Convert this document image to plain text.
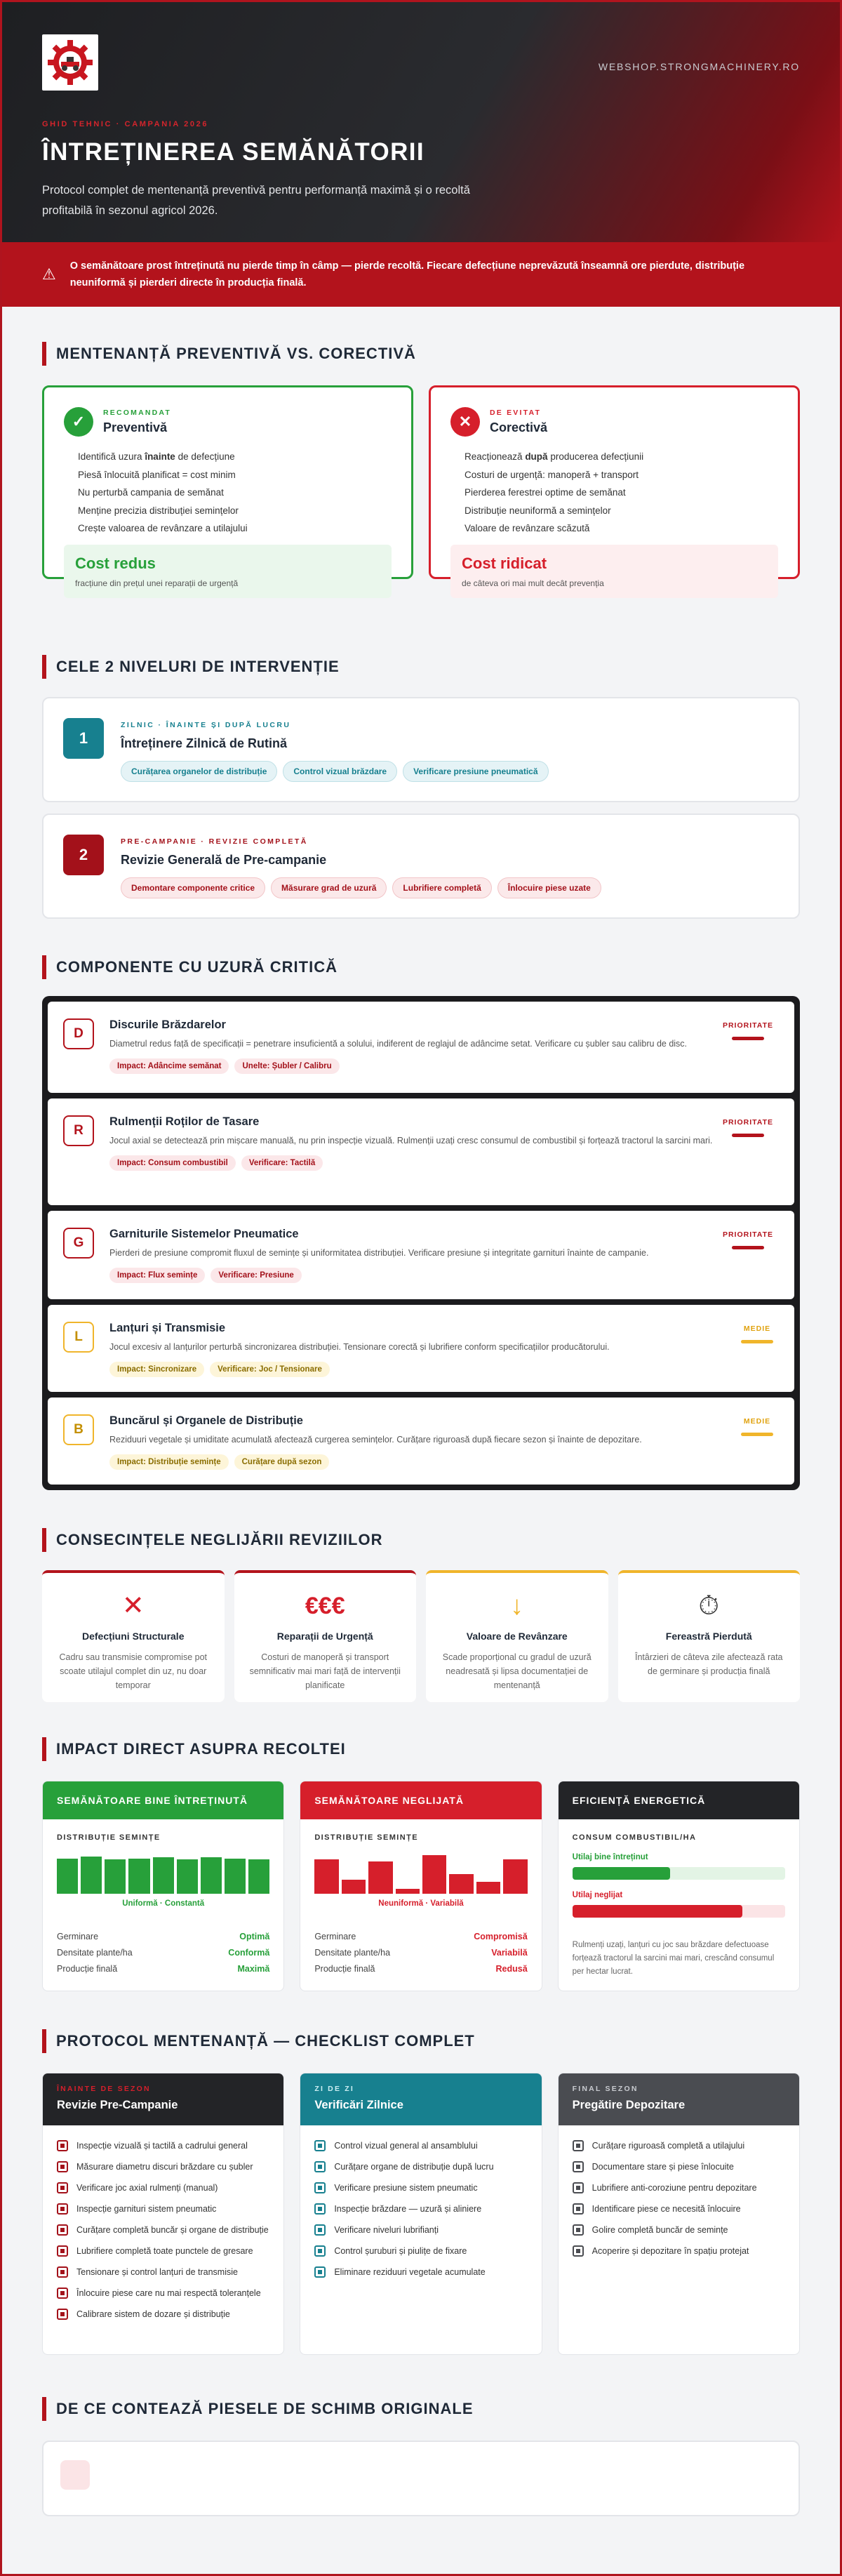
WEBSHOP.STRONGMACHINERY.RO
GHID TEHNIC · CAMPANIA 2026
ÎNTREȚINEREA SEMĂNĂTORII

Protocol complet de mentenanță preventivă pentru performanță maximă și o recoltă profitabilă în sezonul agricol 2026.

⚠ O semănătoare prost întreținută nu pierde timp în câmp — pierde recoltă. Fiecare defecțiune neprevăzută înseamnă ore pierdute, distribuție neuniformă și pierderi directe în producția finală.
MENTENANȚĂ PREVENTIVĂ VS. CORECTIVĂ
✓	RECOMANDAT
Preventivă
Identifică uzura înainte de defecțiune
Piesă înlocuită planificat = cost minim
Nu perturbă campania de semănat
Menține precizia distribuției semințelor
Crește valoarea de revânzare a utilajului
Cost redus
fracțiune din prețul unei reparații de urgență
✕	DE EVITAT
Corectivă
Reacționează după producerea defecțiunii
Costuri de urgență: manoperă + transport
Pierderea ferestrei optime de semănat
Distribuție neuniformă a semințelor
Valoare de revânzare scăzută
Cost ridicat
de câteva ori mai mult decât prevenția
CELE 2 NIVELURI DE INTERVENȚIE
1
ZILNIC · ÎNAINTE ȘI DUPĂ LUCRU
Întreținere Zilnică de Rutină
Curățarea organelor de distribuție	Control vizual brăzdare	Verificare presiune pneumatică
2
PRE-CAMPANIE · REVIZIE COMPLETĂ
Revizie Generală de Pre-campanie
Demontare componente critice	Măsurare grad de uzură	Lubrifiere completă	Înlocuire piese uzate
COMPONENTE CU UZURĂ CRITICĂ
D
Discurile Brăzdarelor
Diametrul redus față de specificații = penetrare insuficientă a solului, indiferent de reglajul de adâncime setat. Verificare cu șubler sau calibru de disc.
Impact: Adâncime semănat	Unelte: Șubler / Calibru
PRIORITATE
R
Rulmenții Roților de Tasare
Jocul axial se detectează prin mișcare manuală, nu prin inspecție vizuală. Rulmenții uzați cresc consumul de combustibil și forțează tractorul la sarcini mari.
Impact: Consum combustibil	Verificare: Tactilă
PRIORITATE
G
Garniturile Sistemelor Pneumatice
Pierderi de presiune compromit fluxul de semințe și uniformitatea distribuției. Verificare presiune și integritate garnituri înainte de campanie.
Impact: Flux semințe	Verificare: Presiune
PRIORITATE
L
Lanțuri și Transmisie
Jocul excesiv al lanțurilor perturbă sincronizarea distribuției. Tensionare corectă și lubrifiere conform specificațiilor producătorului.
Impact: Sincronizare	Verificare: Joc / Tensionare
MEDIE
B
Buncărul și Organele de Distribuție
Reziduuri vegetale și umiditate acumulată afectează curgerea semințelor. Curățare riguroasă după fiecare sezon și înainte de depozitare.
Impact: Distribuție semințe	Curățare după sezon
MEDIE
CONSECINȚELE NEGLIJĂRII REVIZIILOR
✕
Defecțiuni Structurale
Cadru sau transmisie compromise pot scoate utilajul complet din uz, nu doar temporar
€€€
Reparații de Urgență
Costuri de manoperă și transport semnificativ mai mari față de intervenții planificate
↓
Valoare de Revânzare
Scade proporțional cu gradul de uzură neadresată și lipsa documentației de mentenanță
⏱
Fereastră Pierdută
Întârzieri de câteva zile afectează rata de germinare și producția finală
IMPACT DIRECT ASUPRA RECOLTEI
SEMĂNĂTOARE BINE ÎNTREȚINUTĂ
DISTRIBUȚIE SEMINȚE
Uniformă · Constantă
Germinare	Optimă
Densitate plante/ha	Conformă
Producție finală	Maximă
SEMĂNĂTOARE NEGLIJATĂ
DISTRIBUȚIE SEMINȚE
Neuniformă · Variabilă
Germinare	Compromisă
Densitate plante/ha	Variabilă
Producție finală	Redusă
EFICIENȚĂ ENERGETICĂ
CONSUM COMBUSTIBIL/HA
Utilaj bine întreținut
Utilaj neglijat
Rulmenți uzați, lanțuri cu joc sau brăzdare defectuoase forțează tractorul la sarcini mai mari, crescând consumul per hectar lucrat.
PROTOCOL MENTENANȚĂ — CHECKLIST COMPLET
ÎNAINTE DE SEZON
Revizie Pre-Campanie
Inspecție vizuală și tactilă a cadrului general
Măsurare diametru discuri brăzdare cu șubler
Verificare joc axial rulmenți (manual)
Inspecție garnituri sistem pneumatic
Curățare completă buncăr și organe de distribuție
Lubrifiere completă toate punctele de gresare
Tensionare și control lanțuri de transmisie
Înlocuire piese care nu mai respectă toleranțele
Calibrare sistem de dozare și distribuție
ZI DE ZI
Verificări Zilnice
Control vizual general al ansamblului
Curățare organe de distribuție după lucru
Verificare presiune sistem pneumatic
Inspecție brăzdare — uzură și aliniere
Verificare niveluri lubrifianți
Control șuruburi și piulițe de fixare
Eliminare reziduuri vegetale acumulate
FINAL SEZON
Pregătire Depozitare
Curățare riguroasă completă a utilajului
Documentare stare și piese înlocuite
Lubrifiere anti-coroziune pentru depozitare
Identificare piese ce necesită înlocuire
Golire completă buncăr de semințe
Acoperire și depozitare în spațiu protejat
DE CE CONTEAZĂ PIESELE DE SCHIMB ORIGINALE
